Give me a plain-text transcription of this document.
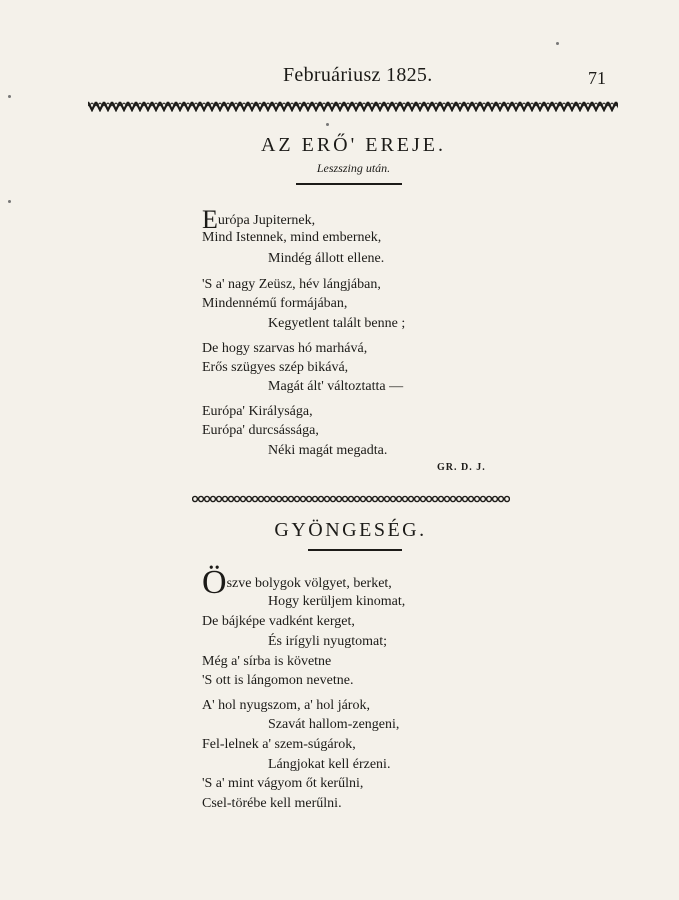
Februáriusz 1825.	71
AZ ERŐ' EREJE.
Leszszing után.
Európa Jupiternek,
Mind Istennek, mind embernek,
Mindég állott ellene.
'S a' nagy Zeüsz, hév lángjában,
Mindennémű formájában,
Kegyetlent talált benne ;
De hogy szarvas hó marhává,
Erős szügyes szép bikává,
Magát ált' változtatta —
Európa' Királysága,
Európa' durcsássága,
Néki magát megadta.
GR. D. J.
GYÖNGESÉG.
Öszve bolygok völgyet, berket,
Hogy kerüljem kinomat,
De bájképe vadként kerget,
És irígyli nyugtomat;
Még a' sírba is követne
'S ott is lángomon nevetne.
A' hol nyugszom, a' hol járok,
Szavát hallom-zengeni,
Fel-lelnek a' szem-súgárok,
Lángjokat kell érzeni.
'S a' mint vágyom őt kerűlni,
Csel-törébe kell merűlni.
